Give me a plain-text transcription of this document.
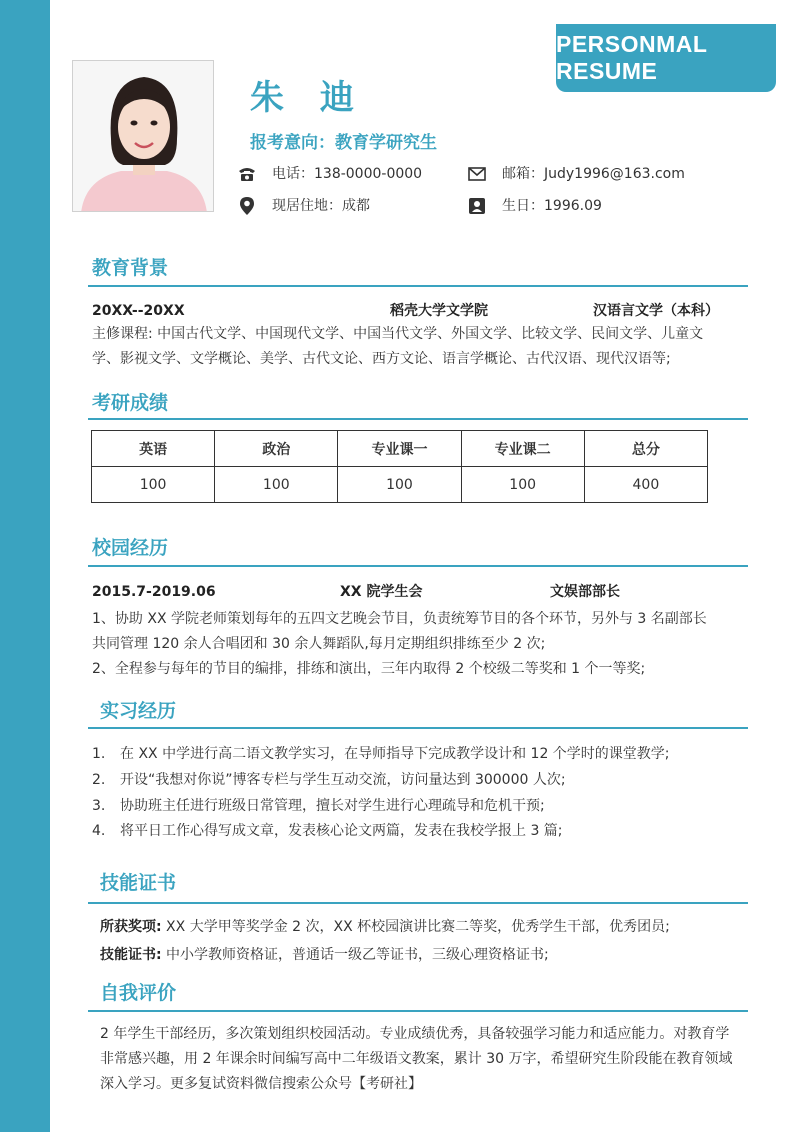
PERSONMAL RESUME
朱 迪
报考意向：教育学研究生
电话：138-0000-0000	邮箱：Judy1996@163.com
现居住地：成都	生日：1996.09
教育背景
20XX--20XX	稻壳大学文学院	汉语言文学（本科）
主修课程: 中国古代文学、中国现代文学、中国当代文学、外国文学、比较文学、民间文学、儿童文
学、影视文学、文学概论、美学、古代文论、西方文论、语言学概论、古代汉语、现代汉语等;
考研成绩
英语	政治	专业课一	专业课二	总分
100	100	100	100	400
校园经历
2015.7-2019.06	XX 院学生会	文娱部部长
1、协助 XX 学院老师策划每年的五四文艺晚会节目，负责统筹节目的各个环节，另外与 3 名副部长
共同管理 120 余人合唱团和 30 余人舞蹈队,每月定期组织排练至少 2 次;
2、全程参与每年的节目的编排，排练和演出，三年内取得 2 个校级二等奖和 1 个一等奖;
实习经历
1. 在 XX 中学进行高二语文教学实习，在导师指导下完成教学设计和 12 个学时的课堂教学;
2. 开设“我想对你说”博客专栏与学生互动交流，访问量达到 300000 人次;
3. 协助班主任进行班级日常管理，擅长对学生进行心理疏导和危机干预;
4. 将平日工作心得写成文章，发表核心论文两篇，发表在我校学报上 3 篇;
技能证书
所获奖项: XX 大学甲等奖学金 2 次，XX 杯校园演讲比赛二等奖，优秀学生干部，优秀团员;
技能证书: 中小学教师资格证，普通话一级乙等证书，三级心理资格证书;
自我评价
2 年学生干部经历，多次策划组织校园活动。专业成绩优秀，具备较强学习能力和适应能力。对教育学
非常感兴趣，用 2 年课余时间编写高中二年级语文教案，累计 30 万字，希望研究生阶段能在教育领域
深入学习。更多复试资料微信搜索公众号【考研社】
